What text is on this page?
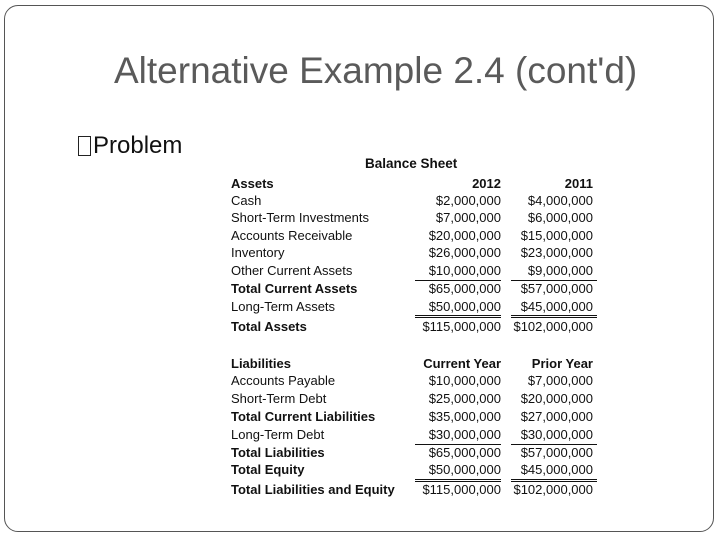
Alternative Example 2.4 (cont'd)
Problem
Balance Sheet
Assets	2012	2011
Cash	$2,000,000 $4,000,000
Short-Term Investments	$7,000,000 $6,000,000
Accounts Receivable	$20,000,000 $15,000,000
Inventory	$26,000,000 $23,000,000
Other Current Assets	$10,000,000 $9,000,000
Total Current Assets	$65,000,000 $57,000,000
Long-Term Assets	$50,000,000 $45,000,000
Total Assets	$115,000,000 $102,000,000
Liabilities	Current Year Prior Year
Accounts Payable	$10,000,000 $7,000,000
Short-Term Debt	$25,000,000 $20,000,000
Total Current Liabilities	$35,000,000 $27,000,000
Long-Term Debt	$30,000,000 $30,000,000
Total Liabilities	$65,000,000 $57,000,000
Total Equity	$50,000,000 $45,000,000
Total Liabilities and Equity $115,000,000 $102,000,000
